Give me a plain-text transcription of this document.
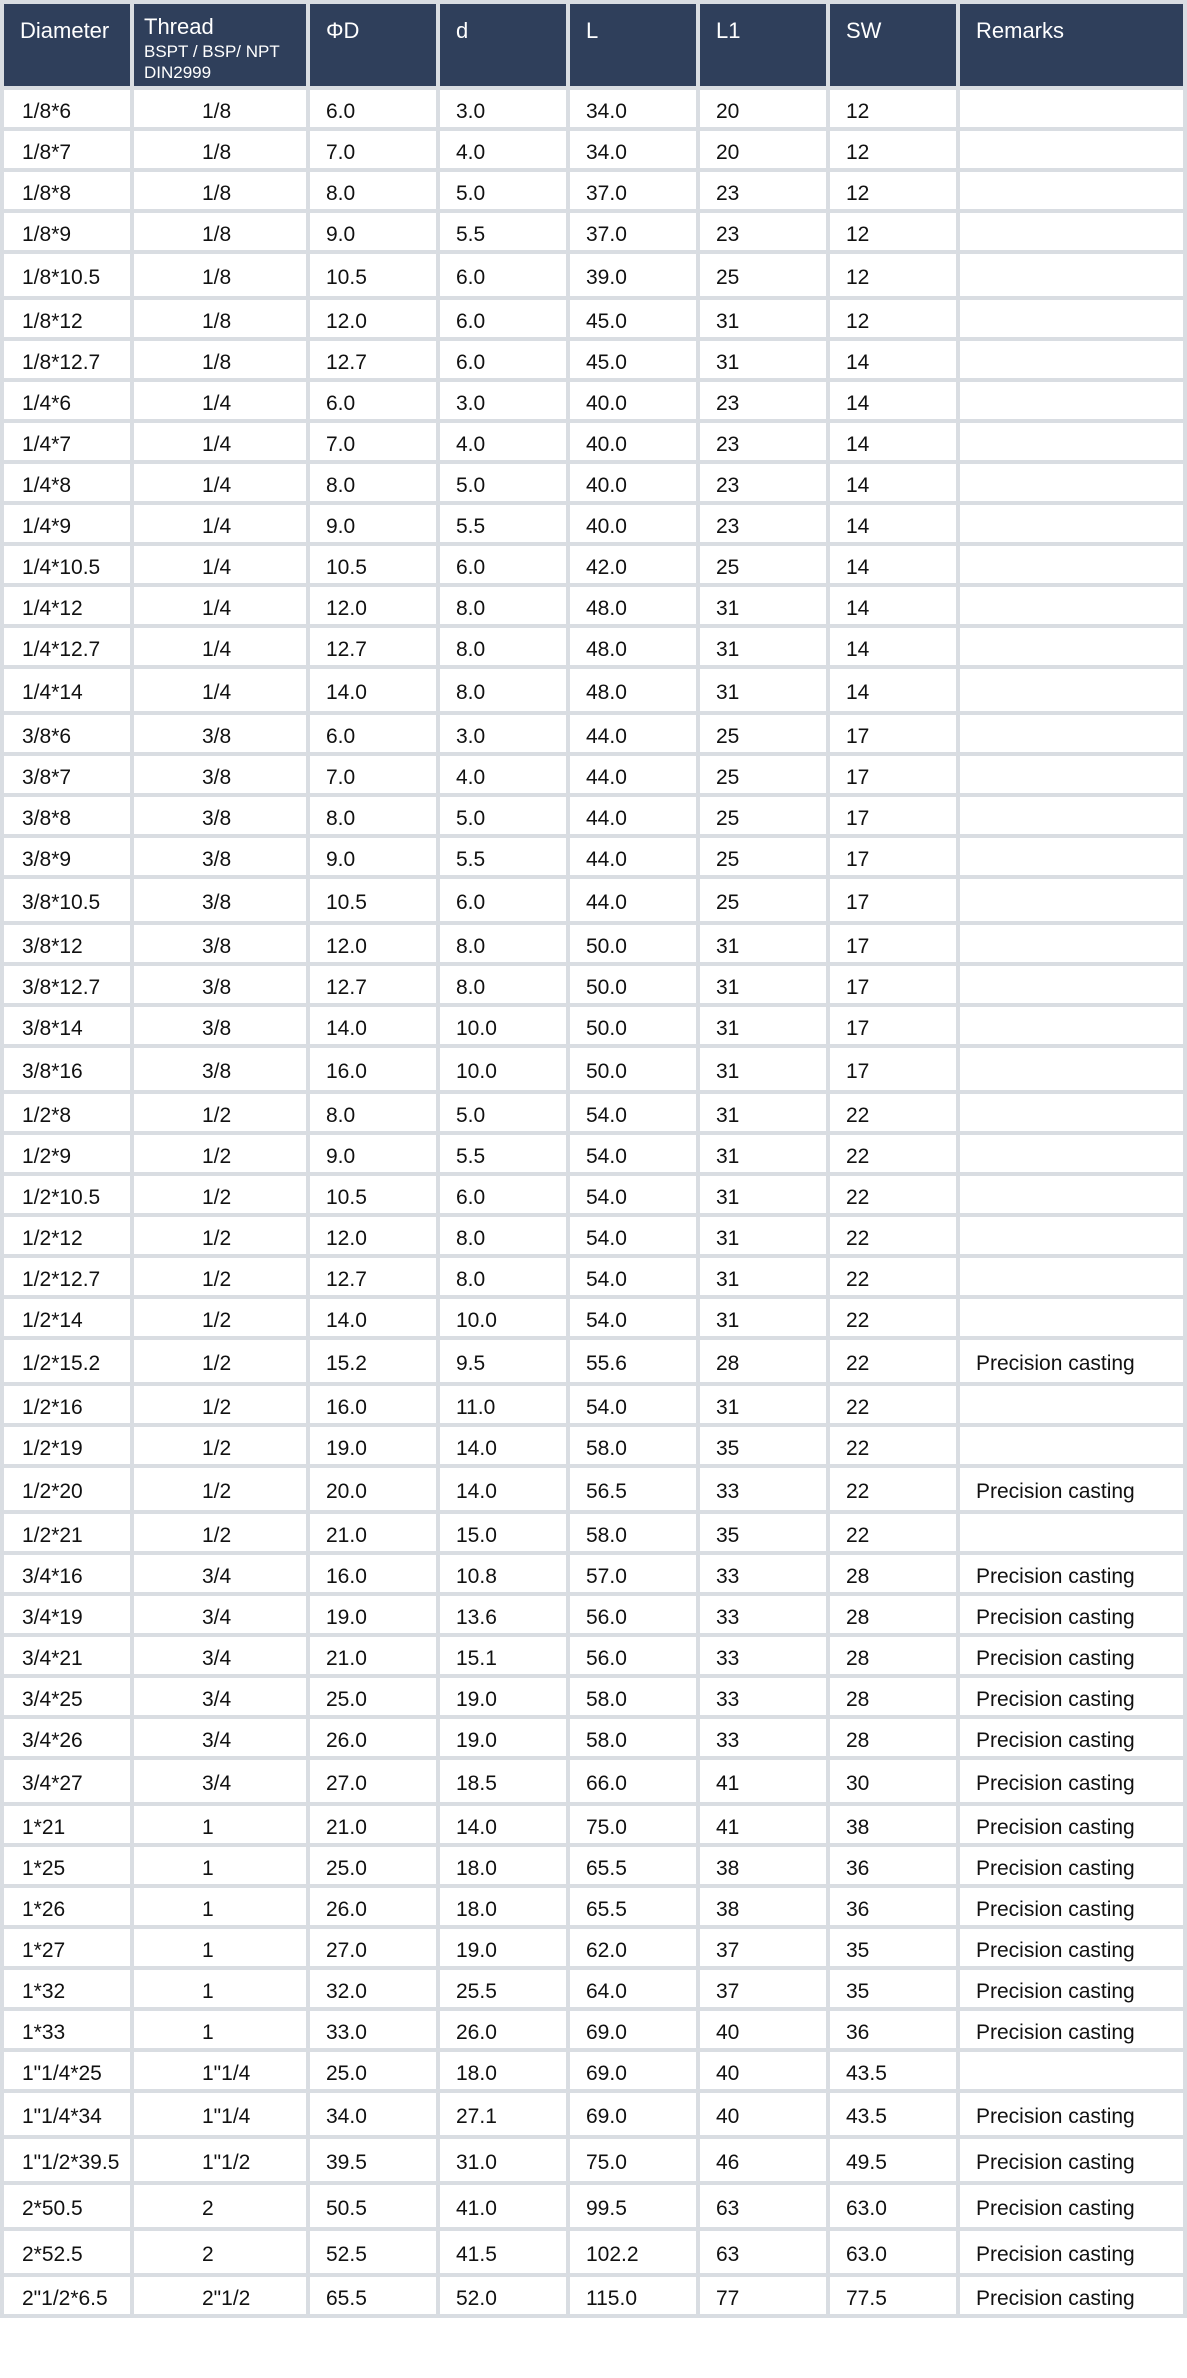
Diameter	Thread
BSPT / BSP/ NPT
DIN2999	ΦD	d	L	L1	SW	Remarks
1/8*6	1/8	6.0	3.0	34.0	20	12	
1/8*7	1/8	7.0	4.0	34.0	20	12	
1/8*8	1/8	8.0	5.0	37.0	23	12	
1/8*9	1/8	9.0	5.5	37.0	23	12	
1/8*10.5	1/8	10.5	6.0	39.0	25	12	
1/8*12	1/8	12.0	6.0	45.0	31	12	
1/8*12.7	1/8	12.7	6.0	45.0	31	14	
1/4*6	1/4	6.0	3.0	40.0	23	14	
1/4*7	1/4	7.0	4.0	40.0	23	14	
1/4*8	1/4	8.0	5.0	40.0	23	14	
1/4*9	1/4	9.0	5.5	40.0	23	14	
1/4*10.5	1/4	10.5	6.0	42.0	25	14	
1/4*12	1/4	12.0	8.0	48.0	31	14	
1/4*12.7	1/4	12.7	8.0	48.0	31	14	
1/4*14	1/4	14.0	8.0	48.0	31	14	
3/8*6	3/8	6.0	3.0	44.0	25	17	
3/8*7	3/8	7.0	4.0	44.0	25	17	
3/8*8	3/8	8.0	5.0	44.0	25	17	
3/8*9	3/8	9.0	5.5	44.0	25	17	
3/8*10.5	3/8	10.5	6.0	44.0	25	17	
3/8*12	3/8	12.0	8.0	50.0	31	17	
3/8*12.7	3/8	12.7	8.0	50.0	31	17	
3/8*14	3/8	14.0	10.0	50.0	31	17	
3/8*16	3/8	16.0	10.0	50.0	31	17	
1/2*8	1/2	8.0	5.0	54.0	31	22	
1/2*9	1/2	9.0	5.5	54.0	31	22	
1/2*10.5	1/2	10.5	6.0	54.0	31	22	
1/2*12	1/2	12.0	8.0	54.0	31	22	
1/2*12.7	1/2	12.7	8.0	54.0	31	22	
1/2*14	1/2	14.0	10.0	54.0	31	22	
1/2*15.2	1/2	15.2	9.5	55.6	28	22	Precision casting
1/2*16	1/2	16.0	11.0	54.0	31	22	
1/2*19	1/2	19.0	14.0	58.0	35	22	
1/2*20	1/2	20.0	14.0	56.5	33	22	Precision casting
1/2*21	1/2	21.0	15.0	58.0	35	22	
3/4*16	3/4	16.0	10.8	57.0	33	28	Precision casting
3/4*19	3/4	19.0	13.6	56.0	33	28	Precision casting
3/4*21	3/4	21.0	15.1	56.0	33	28	Precision casting
3/4*25	3/4	25.0	19.0	58.0	33	28	Precision casting
3/4*26	3/4	26.0	19.0	58.0	33	28	Precision casting
3/4*27	3/4	27.0	18.5	66.0	41	30	Precision casting
1*21	1	21.0	14.0	75.0	41	38	Precision casting
1*25	1	25.0	18.0	65.5	38	36	Precision casting
1*26	1	26.0	18.0	65.5	38	36	Precision casting
1*27	1	27.0	19.0	62.0	37	35	Precision casting
1*32	1	32.0	25.5	64.0	37	35	Precision casting
1*33	1	33.0	26.0	69.0	40	36	Precision casting
1"1/4*25	1"1/4	25.0	18.0	69.0	40	43.5	
1"1/4*34	1"1/4	34.0	27.1	69.0	40	43.5	Precision casting
1"1/2*39.5	1"1/2	39.5	31.0	75.0	46	49.5	Precision casting
2*50.5	2	50.5	41.0	99.5	63	63.0	Precision casting
2*52.5	2	52.5	41.5	102.2	63	63.0	Precision casting
2"1/2*6.5	2"1/2	65.5	52.0	115.0	77	77.5	Precision casting
